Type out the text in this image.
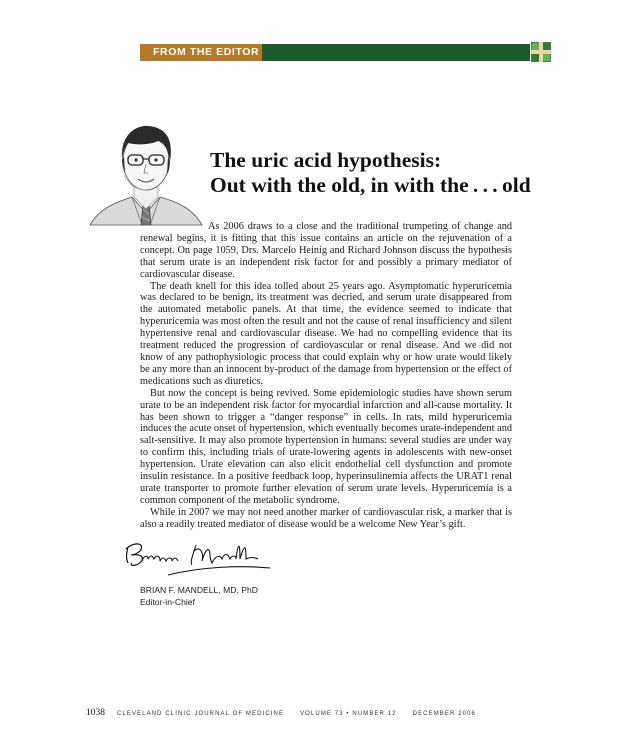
FROM THE EDITOR
The uric acid hypothesis:
Out with the old, in with the . . . old

As 2006 draws to a close and the traditional trumpeting of change and renewal begins, it is fitting that this issue contains an article on the rejuvenation of a concept. On page 1059, Drs. Marcelo Heinig and Richard Johnson discuss the hypothesis that serum urate is an independent risk factor for and possibly a primary mediator of cardiovascular disease.

The death knell for this idea tolled about 25 years ago. Asymptomatic hyperuricemia was declared to be benign, its treatment was decried, and serum urate disappeared from the automated metabolic panels. At that time, the evidence seemed to indicate that hyperuricemia was most often the result and not the cause of renal insufficiency and silent hypertensive renal and cardiovascular disease. We had no compelling evidence that its treatment reduced the progression of cardiovascular or renal disease. And we did not know of any pathophysiologic process that could explain why or how urate would likely be any more than an innocent by-product of the damage from hypertension or the effect of medications such as diuretics.

But now the concept is being revived. Some epidemiologic studies have shown serum urate to be an independent risk factor for myocardial infarction and all-cause mortality. It has been shown to trigger a “danger response” in cells. In rats, mild hyperuricemia induces the acute onset of hypertension, which eventually becomes urate-independent and salt-sensitive. It may also promote hypertension in humans: several studies are under way to confirm this, including trials of urate-lowering agents in adolescents with new-onset hypertension. Urate elevation can also elicit endothelial cell dysfunction and promote insulin resistance. In a positive feedback loop, hyperinsulinemia affects the URAT1 renal urate transporter to promote further elevation of serum urate levels. Hyperuricemia is a common component of the metabolic syndrome.

While in 2007 we may not need another marker of cardiovascular risk, a marker that is also a readily treated mediator of disease would be a welcome New Year’s gift.

BRIAN F. MANDELL, MD, PhD
Editor-in-Chief
1038 CLEVELAND CLINIC JOURNAL OF MEDICINE	VOLUME 73 • NUMBER 12	DECEMBER 2006
